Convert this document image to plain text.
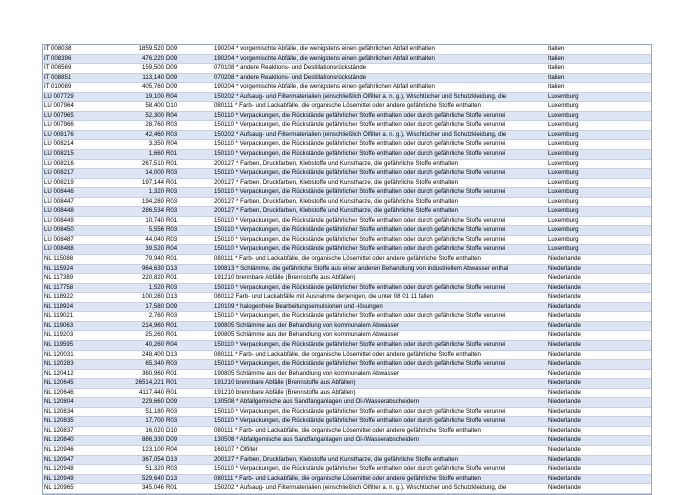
IT 008038	1859,520 D09	190204 * vorgemischte Abfälle, die wenigstens einen gefährlichen Abfall enthalten	Italien
IT 008396	476,220 D09	190204 * vorgemischte Abfälle, die wenigstens einen gefährlichen Abfall enthalten	Italien
IT 008569	159,500 D09	070108 * andere Reaktions- und Destillationsrückstände	Italien
IT 008851	113,140 D09	070208 * andere Reaktions- und Destillationsrückstände	Italien
IT 010089	405,760 D09	190204 * vorgemischte Abfälle, die wenigstens einen gefährlichen Abfall enthalten	Italien
LU 007729	19,100 R04	150202 * Aufsaug- und Filtermaterialien (einschließlich Ölfilter a. n. g.), Wischtücher und Schutzkleidung, die	Luxemburg
LU 007964	58,400 D10	080111 * Farb- und Lackabfälle, die organische Lösemittel oder andere gefährliche Stoffe enthalten	Luxemburg
LU 007965	52,300 R04	150110 * Verpackungen, die Rückstände gefährlicher Stoffe enthalten oder durch gefährliche Stoffe verunrei	Luxemburg
LU 007966	28,760 R03	150110 * Verpackungen, die Rückstände gefährlicher Stoffe enthalten oder durch gefährliche Stoffe verunrei	Luxemburg
LU 008176	42,460 R03	150202 * Aufsaug- und Filtermaterialien (einschließlich Ölfilter a. n. g.), Wischtücher und Schutzkleidung, die	Luxemburg
LU 008214	3,350 R04	150110 * Verpackungen, die Rückstände gefährlicher Stoffe enthalten oder durch gefährliche Stoffe verunrei	Luxemburg
LU 008215	1,660 R01	150110 * Verpackungen, die Rückstände gefährlicher Stoffe enthalten oder durch gefährliche Stoffe verunrei	Luxemburg
LU 008216	267,510 R01	200127 * Farben, Druckfarben, Klebstoffe und Kunstharze, die gefährliche Stoffe enthalten	Luxemburg
LU 008217	14,000 R03	150110 * Verpackungen, die Rückstände gefährlicher Stoffe enthalten oder durch gefährliche Stoffe verunrei	Luxemburg
LU 008219	197,144 R01	200127 * Farben, Druckfarben, Klebstoffe und Kunstharze, die gefährliche Stoffe enthalten	Luxemburg
LU 008446	1,320 R03	150110 * Verpackungen, die Rückstände gefährlicher Stoffe enthalten oder durch gefährliche Stoffe verunrei	Luxemburg
LU 008447	194,280 R03	200127 * Farben, Druckfarben, Klebstoffe und Kunstharze, die gefährliche Stoffe enthalten	Luxemburg
LU 008448	286,534 R03	200127 * Farben, Druckfarben, Klebstoffe und Kunstharze, die gefährliche Stoffe enthalten	Luxemburg
LU 008449	10,740 R01	150110 * Verpackungen, die Rückstände gefährlicher Stoffe enthalten oder durch gefährliche Stoffe verunrei	Luxemburg
LU 008450	5,556 R03	150110 * Verpackungen, die Rückstände gefährlicher Stoffe enthalten oder durch gefährliche Stoffe verunrei	Luxemburg
LU 008487	44,040 R03	150110 * Verpackungen, die Rückstände gefährlicher Stoffe enthalten oder durch gefährliche Stoffe verunrei	Luxemburg
LU 008488	39,520 R04	150110 * Verpackungen, die Rückstände gefährlicher Stoffe enthalten oder durch gefährliche Stoffe verunrei	Luxemburg
NL 115088	79,940 R01	080111 * Farb- und Lackabfälle, die organische Lösemittel oder andere gefährliche Stoffe enthalten	Niederlande
NL 115924	964,630 D13	190813 * Schlämme, die gefährliche Stoffe aus einer anderen Behandlung von industriellem Abwasser enthal	Niederlande
NL 117389	220,820 R01	191210 brennbare Abfälle (Brennstoffe aus Abfällen)	Niederlande
NL 117758	1,520 R03	150110 * Verpackungen, die Rückstände gefährlicher Stoffe enthalten oder durch gefährliche Stoffe verunrei	Niederlande
NL 118922	100,280 D13	080112 Farb- und Lackabfälle mit Ausnahme derjenigen, die unter 08 01 11 fallen	Niederlande
NL 118924	17,580 D09	120109 * halogenfreie Bearbeitungsemulsionen und -lösungen	Niederlande
NL 119021	2,760 R03	150110 * Verpackungen, die Rückstände gefährlicher Stoffe enthalten oder durch gefährliche Stoffe verunrei	Niederlande
NL 119063	214,960 R01	190805 Schlämme aus der Behandlung von kommunalem Abwasser	Niederlande
NL 119203	25,260 R01	190805 Schlämme aus der Behandlung von kommunalem Abwasser	Niederlande
NL 119595	40,260 R04	150110 * Verpackungen, die Rückstände gefährlicher Stoffe enthalten oder durch gefährliche Stoffe verunrei	Niederlande
NL 120031	248,400 D13	080111 * Farb- und Lackabfälle, die organische Lösemittel oder andere gefährliche Stoffe enthalten	Niederlande
NL 120283	65,340 R03	150110 * Verpackungen, die Rückstände gefährlicher Stoffe enthalten oder durch gefährliche Stoffe verunrei	Niederlande
NL 120412	360,960 R01	190805 Schlämme aus der Behandlung von kommunalem Abwasser	Niederlande
NL 120645	26514,221 R01	191210 brennbare Abfälle (Brennstoffe aus Abfällen)	Niederlande
NL 120646	4117,440 R01	191210 brennbare Abfälle (Brennstoffe aus Abfällen)	Niederlande
NL 120804	229,660 D09	130508 * Abfallgemische aus Sandfanganlagen und Öl-/Wasserabscheidern	Niederlande
NL 120834	51,180 R03	150110 * Verpackungen, die Rückstände gefährlicher Stoffe enthalten oder durch gefährliche Stoffe verunrei	Niederlande
NL 120835	17,700 R03	150110 * Verpackungen, die Rückstände gefährlicher Stoffe enthalten oder durch gefährliche Stoffe verunrei	Niederlande
NL 120837	16,020 D10	080111 * Farb- und Lackabfälle, die organische Lösemittel oder andere gefährliche Stoffe enthalten	Niederlande
NL 120840	886,330 D09	130508 * Abfallgemische aus Sandfanganlagen und Öl-/Wasserabscheidern	Niederlande
NL 120946	123,100 R04	160107 * Ölfilter	Niederlande
NL 120947	367,054 D13	200127 * Farben, Druckfarben, Klebstoffe und Kunstharze, die gefährliche Stoffe enthalten	Niederlande
NL 120948	51,320 R03	150110 * Verpackungen, die Rückstände gefährlicher Stoffe enthalten oder durch gefährliche Stoffe verunrei	Niederlande
NL 120949	529,640 D13	080111 * Farb- und Lackabfälle, die organische Lösemittel oder andere gefährliche Stoffe enthalten	Niederlande
NL 120965	345,046 R01	150202 * Aufsaug- und Filtermaterialien (einschließlich Ölfilter a. n. g.), Wischtücher und Schutzkleidung, die	Niederlande
